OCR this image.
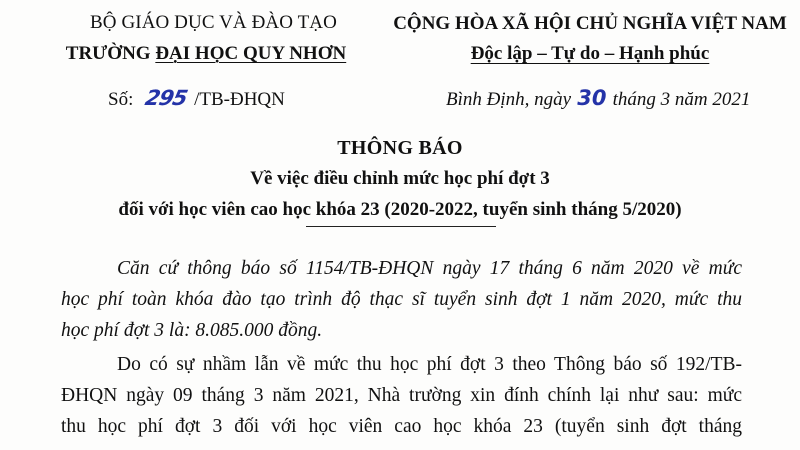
BỘ GIÁO DỤC VÀ ĐÀO TẠO
TRƯỜNG ĐẠI HỌC QUY NHƠN
CỘNG HÒA XÃ HỘI CHỦ NGHĨA VIỆT NAM
Độc lập – Tự do – Hạnh phúc
Số: 295 /TB-ĐHQN	Bình Định, ngày 30 tháng 3 năm 2021
THÔNG BÁO
Về việc điều chỉnh mức học phí đợt 3
đối với học viên cao học khóa 23 (2020-2022, tuyển sinh tháng 5/2020)
Căn cứ thông báo số 1154/TB-ĐHQN ngày 17 tháng 6 năm 2020 về mức
học phí toàn khóa đào tạo trình độ thạc sĩ tuyển sinh đợt 1 năm 2020, mức thu
học phí đợt 3 là: 8.085.000 đồng.
Do có sự nhầm lẫn về mức thu học phí đợt 3 theo Thông báo số 192/TB-
ĐHQN ngày 09 tháng 3 năm 2021, Nhà trường xin đính chính lại như sau: mức
thu học phí đợt 3 đối với học viên cao học khóa 23 (tuyển sinh đợt tháng
